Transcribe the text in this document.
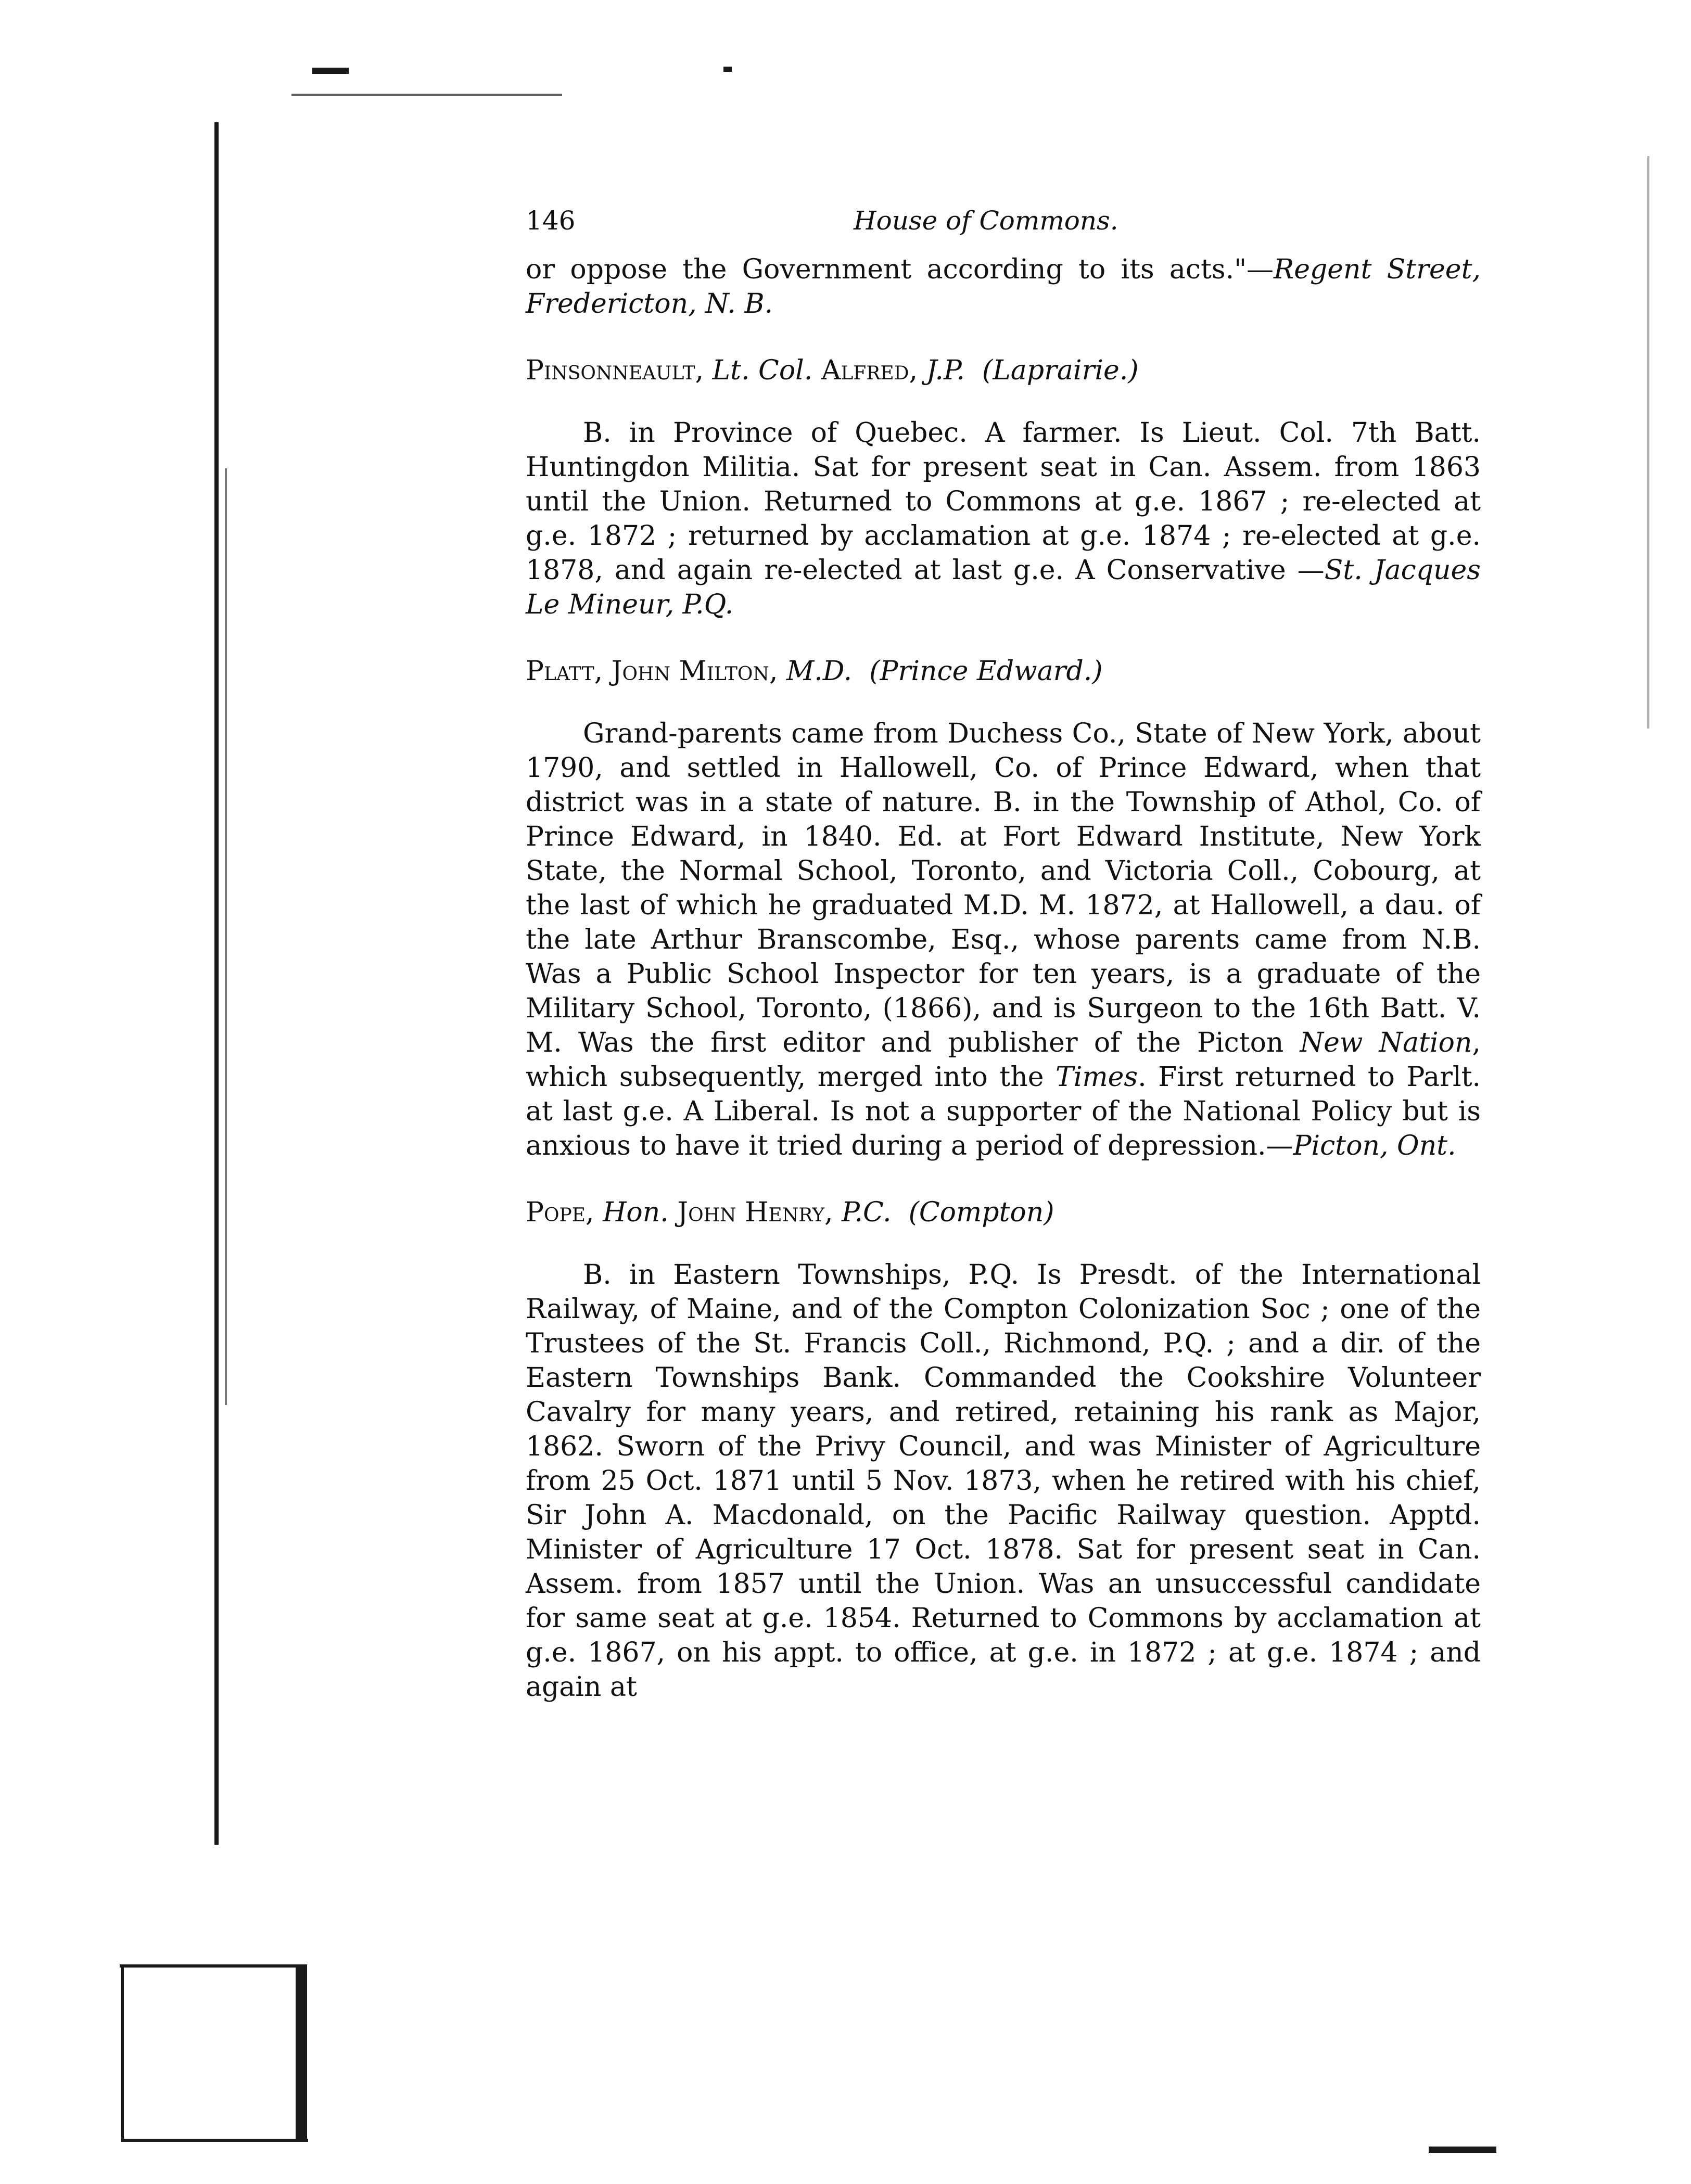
146	House of Commons.

or oppose the Government according to its acts."—Regent Street, Fredericton, N. B.

Pinsonneault, Lt. Col. Alfred, J.P. (Laprairie.)

B. in Province of Quebec. A farmer. Is Lieut. Col. 7th Batt. Huntingdon Militia. Sat for present seat in Can. Assem. from 1863 until the Union. Returned to Commons at g.e. 1867 ; re-elected at g.e. 1872 ; returned by acclamation at g.e. 1874 ; re-elected at g.e. 1878, and again re-elected at last g.e. A Conservative —St. Jacques Le Mineur, P.Q.

Platt, John Milton, M.D. (Prince Edward.)

Grand-parents came from Duchess Co., State of New York, about 1790, and settled in Hallowell, Co. of Prince Edward, when that district was in a state of nature. B. in the Township of Athol, Co. of Prince Edward, in 1840. Ed. at Fort Edward Institute, New York State, the Normal School, Toronto, and Victoria Coll., Cobourg, at the last of which he graduated M.D. M. 1872, at Hallowell, a dau. of the late Arthur Branscombe, Esq., whose parents came from N.B. Was a Public School Inspector for ten years, is a graduate of the Military School, Toronto, (1866), and is Surgeon to the 16th Batt. V. M. Was the first editor and publisher of the Picton New Nation, which subsequently, merged into the Times. First returned to Parlt. at last g.e. A Liberal. Is not a supporter of the National Policy but is anxious to have it tried during a period of depression.—Picton, Ont.

Pope, Hon. John Henry, P.C. (Compton)

B. in Eastern Townships, P.Q. Is Presdt. of the International Railway, of Maine, and of the Compton Colonization Soc ; one of the Trustees of the St. Francis Coll., Richmond, P.Q. ; and a dir. of the Eastern Townships Bank. Commanded the Cookshire Volunteer Cavalry for many years, and retired, retaining his rank as Major, 1862. Sworn of the Privy Council, and was Minister of Agriculture from 25 Oct. 1871 until 5 Nov. 1873, when he retired with his chief, Sir John A. Macdonald, on the Pacific Railway question. Apptd. Minister of Agriculture 17 Oct. 1878. Sat for present seat in Can. Assem. from 1857 until the Union. Was an unsuccessful candidate for same seat at g.e. 1854. Returned to Commons by acclamation at g.e. 1867, on his appt. to office, at g.e. in 1872 ; at g.e. 1874 ; and again at
